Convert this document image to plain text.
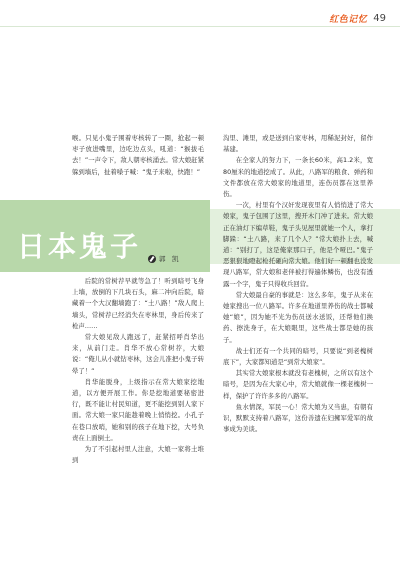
红色记忆 49

喉。只见小鬼子围着枣核转了一圈，抢起一顿枣子放进嘴里，边吃边点头，吼道：“猴拔毛去！”一声令下，敌人朝枣核涌去。常大娘赶紧躲到墙后，扯着嗓子喊：“鬼子来啦，快跑！”

日本鬼子	郭　凯

后院的常树荐早就等急了！听到暗号飞身上墙，放倒的下几块石头，麻二冲向后院，暗藏着一个大汉翻墙跑了：“土八路！”敌人爬上墙头，常树荐已经消失在枣林里，身后传来了枪声……

常大娘见敌人跑远了，赶紧招呼肖华出来，从前门走。肖华不放心常树荐，大娘说：“俺儿从小就钻枣林，这会儿准把小鬼子转晕了！”

肖华能脱身，上级指示在常大娘家挖地道，以方便开展工作。你是挖地道要秘密进行，既不能让村民知道，更不能挖到别人家下面。常大娘一家只能趁着晚上悄悄挖。小孔子在巷口放哨，她和别的孩子在地下挖，大号负责在上面倒土。

为了不引起村里人注意，大娘一家将土堆到

沟里、滩里，或是送到自家枣林，用稀泥封好，留作基建。

在全家人的努力下，一条长60米，高1.2米，宽80厘米的地道挖成了。从此，八路军的粮食、弹药和文件都放在常大娘家的地道里，连伤员都在这里养伤。

一次，村里有个汉奸发现夜里有人悄悄进了常大娘家，鬼子包围了这里，搜开木门冲了进来。常大娘正在油灯下编草鞋，鬼子头见屋里就她一个人，拿打脚跺：“土八路，来了几个人？”常大娘扑上去，喊道：“别打了，这是俺家那口子，他是个哑巴。”鬼子恶狠狠地瞪起枪托砸向常大娘。他们好一顿翻也没发现八路军，常大娘和老伴被打得遍体鳞伤，也没有透露一个字，鬼子只得收兵回营。

常大娘最自豪的事就是：这么多年，鬼子从来在她家搜出一位八路军。许多在地道里养伤的战士都喊她“娘”，因为她不光为伤员送水送饭，还帮他们换药、擦洗身子，在大娘眼里，这些战士都是她的孩子。

战士们还有一个共同的暗号，只要说“到老槐树底下”，大家都知道是“到常大娘家”。

其实常大娘家根本就没有老槐树，之所以有这个暗号，是因为在大家心中，常大娘就像一棵老槐树一样，保护了许许多多的八路军。

鱼水情深，军民一心！常大娘为又当患，有朝有识，默默支持着八路军，这份善遗在妇擁军爱军的故事成为美谈。
